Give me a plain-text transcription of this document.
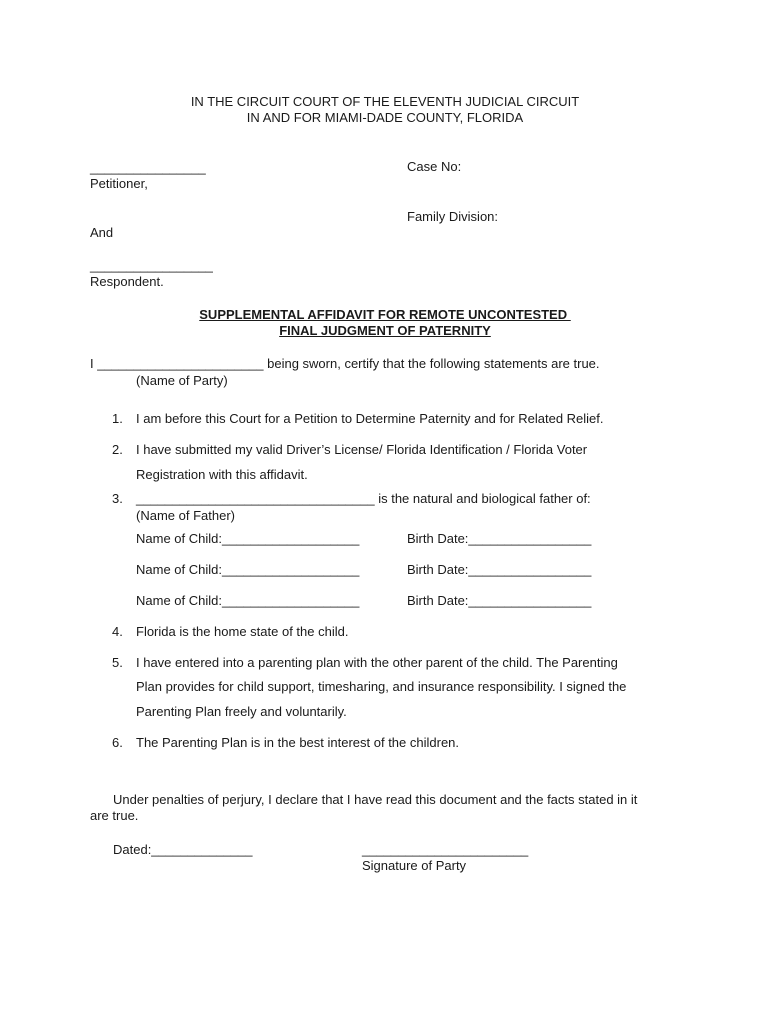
IN THE CIRCUIT COURT OF THE ELEVENTH JUDICIAL CIRCUIT
IN AND FOR MIAMI-DADE COUNTY, FLORIDA
________________
Petitioner,
And
_________________
Respondent.
Case No:
Family Division:
SUPPLEMENTAL AFFIDAVIT FOR REMOTE UNCONTESTED
FINAL JUDGMENT OF PATERNITY
I _______________________ being sworn, certify that the following statements are true.
(Name of Party)
1. I am before this Court for a Petition to Determine Paternity and for Related Relief.
2. I have submitted my valid Driver’s License/ Florida Identification / Florida Voter
Registration with this affidavit.
3. _________________________________ is the natural and biological father of:
(Name of Father)
Name of Child:___________________	Birth Date:_________________
Name of Child:___________________	Birth Date:_________________
Name of Child:___________________	Birth Date:_________________
4. Florida is the home state of the child.
5. I have entered into a parenting plan with the other parent of the child. The Parenting
Plan provides for child support, timesharing, and insurance responsibility. I signed the
Parenting Plan freely and voluntarily.
6. The Parenting Plan is in the best interest of the children.
Under penalties of perjury, I declare that I have read this document and the facts stated in it
are true.
Dated:______________	_______________________
Signature of Party
